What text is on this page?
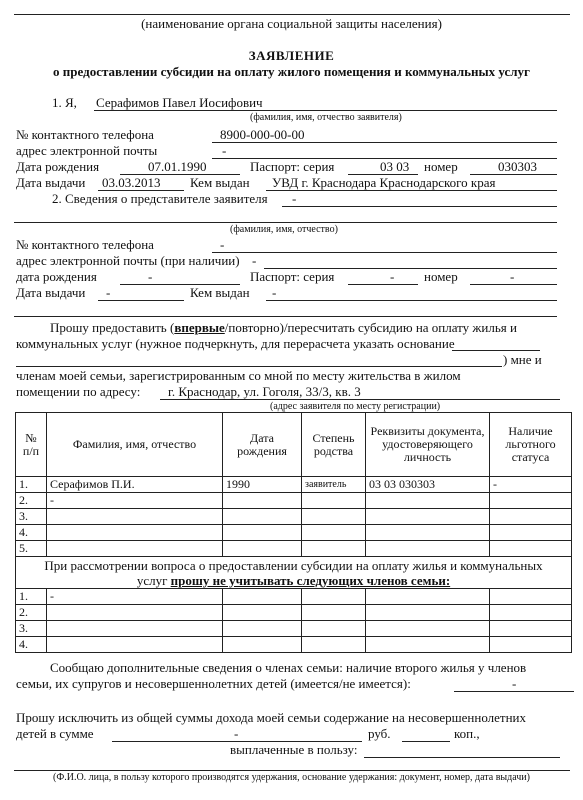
(наименование органа социальной защиты населения)
ЗАЯВЛЕНИЕ
о предоставлении субсидии на оплату жилого помещения и коммунальных услуг
1. Я, Серафимов Павел Иосифович
(фамилия, имя, отчество заявителя)
№ контактного телефона	8900-000-00-00
адрес электронной почты	-
Дата рождения	07.01.1990	Паспорт: серия	03 03 номер	030303
Дата выдачи 03.03.2013 Кем выдан УВД г. Краснодара Краснодарского края
2. Сведения о представителе заявителя -
(фамилия, имя, отчество)
№ контактного телефона	-
адрес электронной почты (при наличии) -
дата рождения	-	Паспорт: серия	- номер	-
Дата выдачи -	Кем выдан -
Прошу предоставить (впервые/повторно)/пересчитать субсидию на оплату жилья и
коммунальных услуг (нужное подчеркнуть, для перерасчета указать основание
) мне и
членам моей семьи, зарегистрированным со мной по месту жительства в жилом
помещении по адресу: г. Краснодар, ул. Гоголя, 33/3, кв. 3
(адрес заявителя по месту регистрации)
№ п/п	Фамилия, имя, отчество	Дата рождения	Степень родства	Реквизиты документа, удостоверяющего личность	Наличие льготного статуса
1.	Серафимов П.И.	1990	заявитель	03 03 030303	-
2.	-				
3.					
4.					
5.					
При рассмотрении вопроса о предоставлении субсидии на оплату жилья и коммунальных
услуг прошу не учитывать следующих членов семьи:					
1.	-				
2.					
3.					
4.					
Сообщаю дополнительные сведения о членах семьи: наличие второго жилья у членов
семьи, их супругов и несовершеннолетних детей (имеется/не имеется):	-
Прошу исключить из общей суммы дохода моей семьи содержание на несовершеннолетних
детей в сумме	-	руб.	коп.,
выплаченные в пользу:
(Ф.И.О. лица, в пользу которого производятся удержания, основание удержания: документ, номер, дата выдачи)
